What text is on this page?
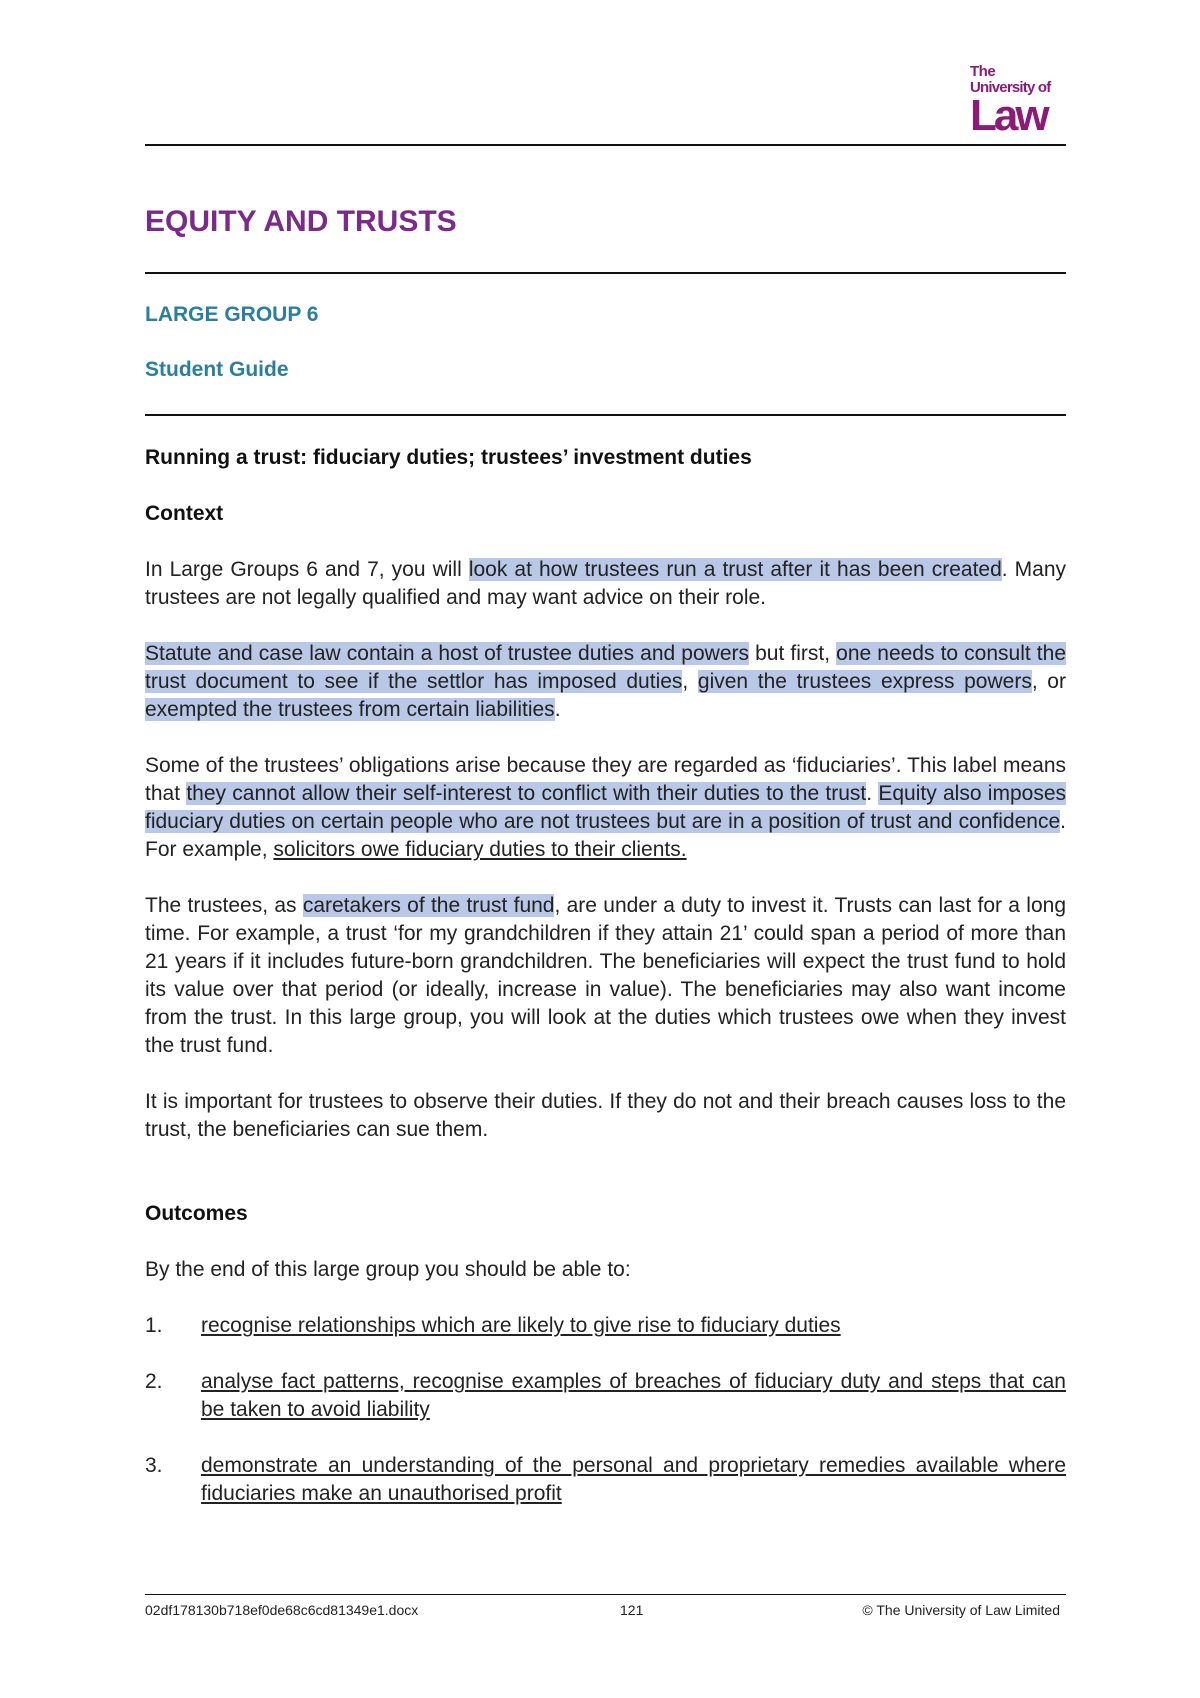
The
University of
Law
EQUITY AND TRUSTS
LARGE GROUP 6
Student Guide
Running a trust: fiduciary duties; trustees’ investment duties
Context

In Large Groups 6 and 7, you will look at how trustees run a trust after it has been created. Many trustees are not legally qualified and may want advice on their role.

Statute and case law contain a host of trustee duties and powers but first, one needs to consult the trust document to see if the settlor has imposed duties, given the trustees express powers, or exempted the trustees from certain liabilities.

Some of the trustees’ obligations arise because they are regarded as ‘fiduciaries’. This label means that they cannot allow their self-interest to conflict with their duties to the trust. Equity also imposes fiduciary duties on certain people who are not trustees but are in a position of trust and confidence. For example, solicitors owe fiduciary duties to their clients.

The trustees, as caretakers of the trust fund, are under a duty to invest it. Trusts can last for a long time. For example, a trust ‘for my grandchildren if they attain 21’ could span a period of more than 21 years if it includes future-born grandchildren. The beneficiaries will expect the trust fund to hold its value over that period (or ideally, increase in value). The beneficiaries may also want income from the trust. In this large group, you will look at the duties which trustees owe when they invest the trust fund.

It is important for trustees to observe their duties. If they do not and their breach causes loss to the trust, the beneficiaries can sue them.

Outcomes

By the end of this large group you should be able to:

1. recognise relationships which are likely to give rise to fiduciary duties
2. analyse fact patterns, recognise examples of breaches of fiduciary duty and steps that can be taken to avoid liability
3. demonstrate an understanding of the personal and proprietary remedies available where fiduciaries make an unauthorised profit
02df178130b718ef0de68c6cd81349e1.docx	121	© The University of Law Limited
